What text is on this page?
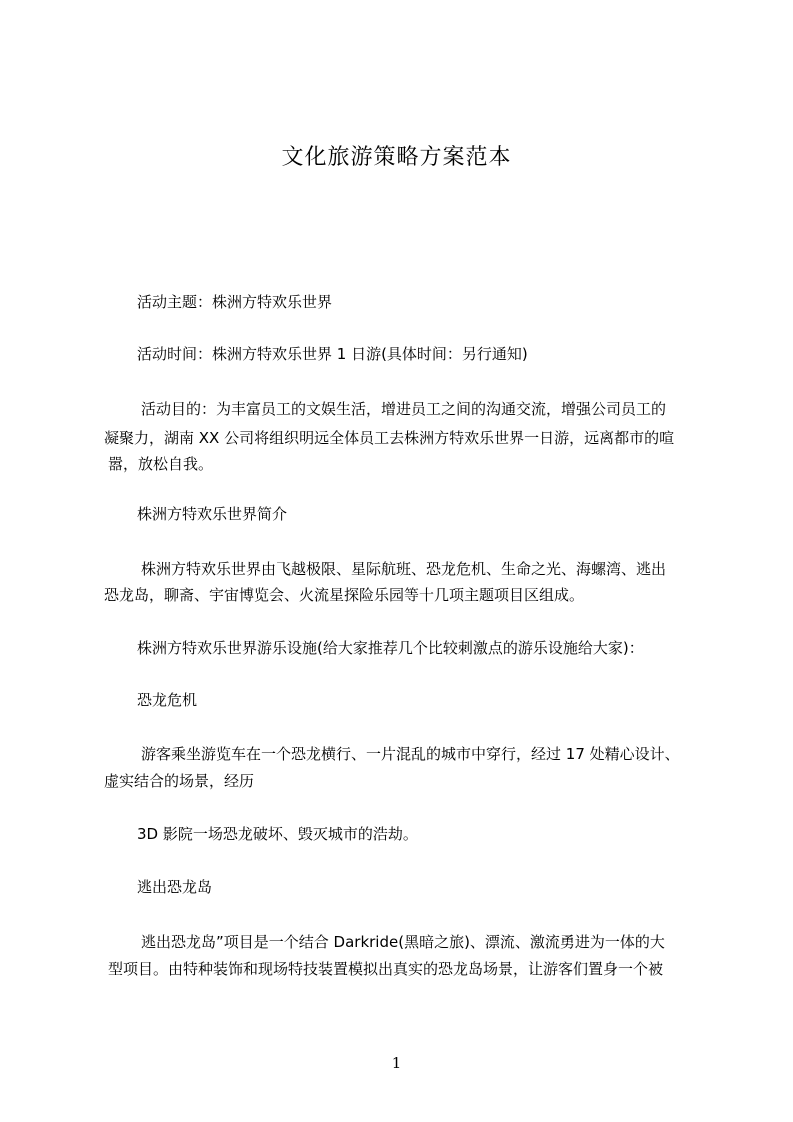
文化旅游策略方案范本
活动主题：株洲方特欢乐世界
活动时间：株洲方特欢乐世界 1 日游(具体时间：另行通知)
活动目的：为丰富员工的文娱生活，增进员工之间的沟通交流，增强公司员工的
凝聚力，湖南 XX 公司将组织明远全体员工去株洲方特欢乐世界一日游，远离都市的喧
嚣，放松自我。
株洲方特欢乐世界简介
株洲方特欢乐世界由飞越极限、星际航班、恐龙危机、生命之光、海螺湾、逃出
恐龙岛，聊斋、宇宙博览会、火流星探险乐园等十几项主题项目区组成。
株洲方特欢乐世界游乐设施(给大家推荐几个比较刺激点的游乐设施给大家)：
恐龙危机
游客乘坐游览车在一个恐龙横行、一片混乱的城市中穿行，经过 17 处精心设计、
虚实结合的场景，经历
3D 影院一场恐龙破坏、毁灭城市的浩劫。
逃出恐龙岛
逃出恐龙岛”项目是一个结合 Darkride(黑暗之旅)、漂流、激流勇进为一体的大
型项目。由特种装饰和现场特技装置模拟出真实的恐龙岛场景，让游客们置身一个被
1
